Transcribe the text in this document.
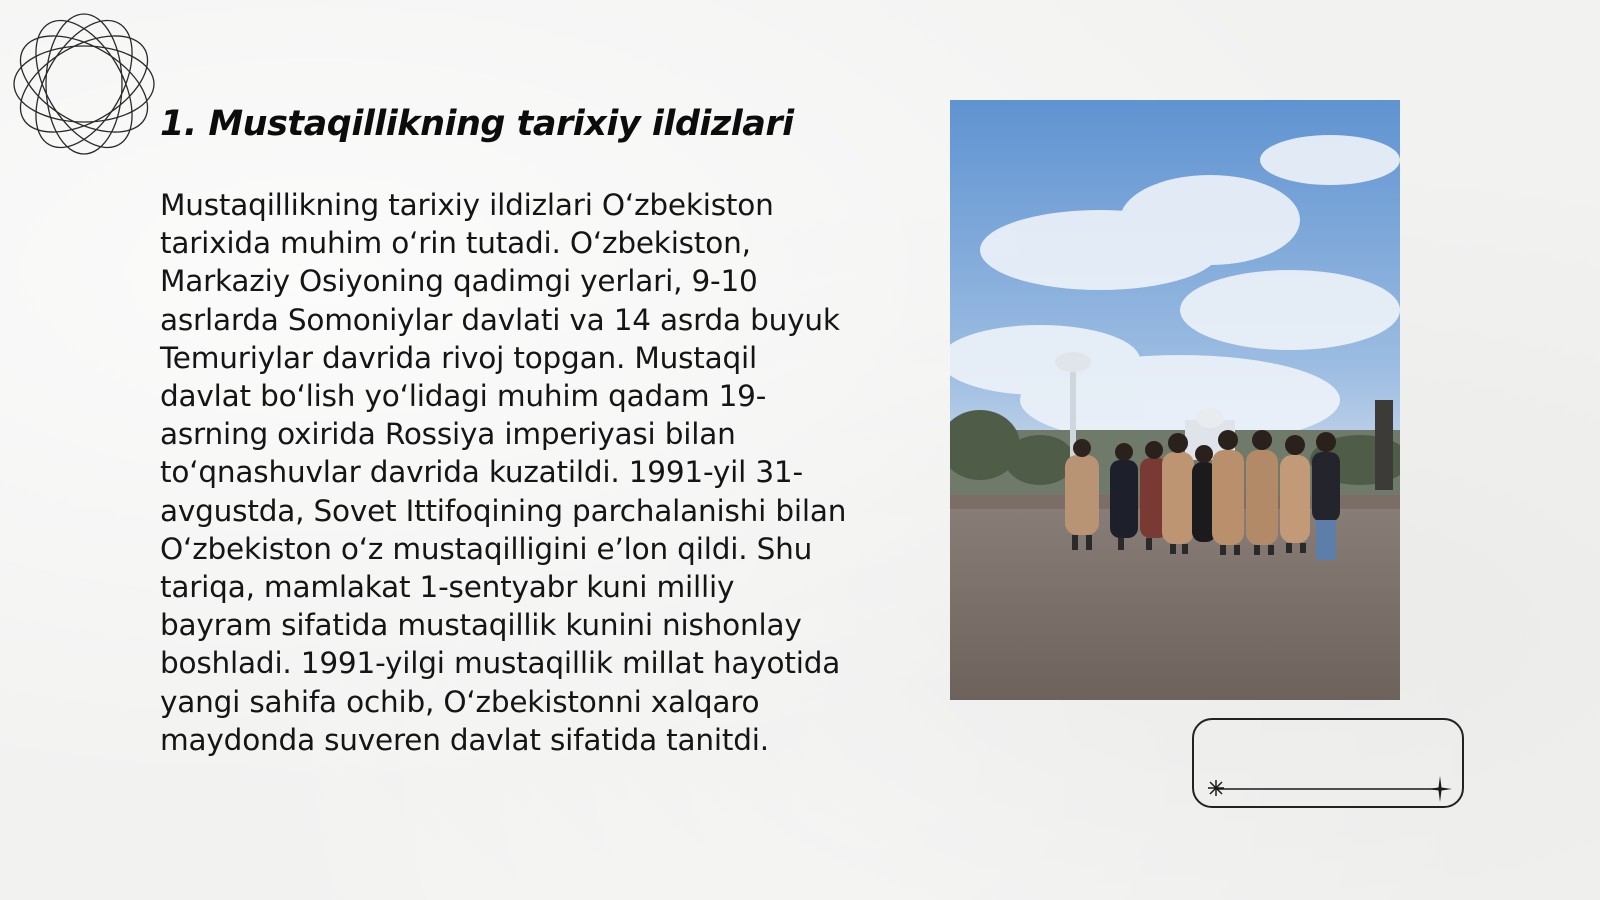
1. Mustaqillikning tarixiy ildizlari

Mustaqillikning tarixiy ildizlari O‘zbekiston tarixida muhim o‘rin tutadi. O‘zbekiston, Markaziy Osiyoning qadimgi yerlari, 9-10 asrlarda Somoniylar davlati va 14 asrda buyuk Temuriylar davrida rivoj topgan. Mustaqil davlat bo‘lish yo‘lidagi muhim qadam 19-asrning oxirida Rossiya imperiyasi bilan to‘qnashuvlar davrida kuzatildi. 1991-yil 31-avgustda, Sovet Ittifoqining parchalanishi bilan O‘zbekiston o‘z mustaqilligini e’lon qildi. Shu tariqa, mamlakat 1-sentyabr kuni milliy bayram sifatida mustaqillik kunini nishonlay boshladi. 1991-yilgi mustaqillik millat hayotida yangi sahifa ochib, O‘zbekistonni xalqaro maydonda suveren davlat sifatida tanitdi.
